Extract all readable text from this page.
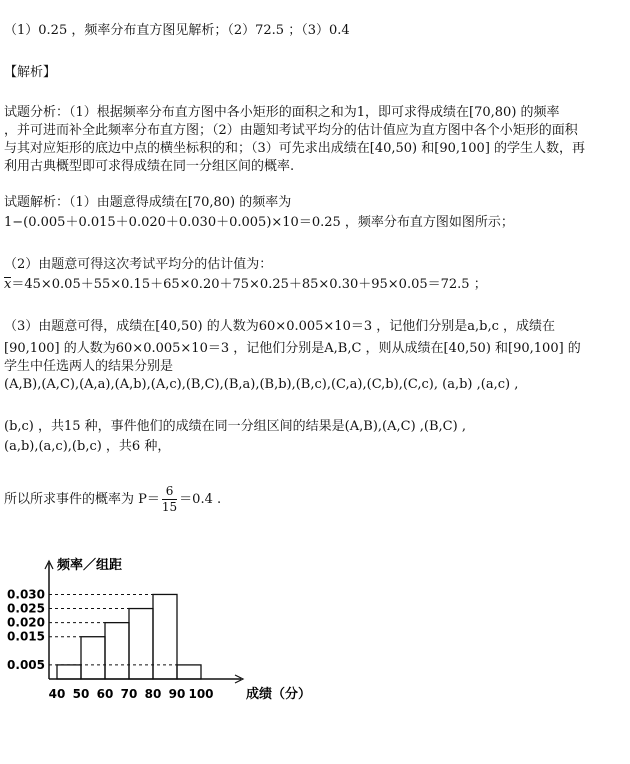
（1）0.25 ，频率分布直方图见解析；（2）72.5 ；（3）0.4
【解析】
试题分析：（1）根据频率分布直方图中各小矩形的面积之和为1，即可求得成绩在[70,80) 的频率
，并可进而补全此频率分布直方图；（2）由题知考试平均分的估计值应为直方图中各个小矩形的面积
与其对应矩形的底边中点的横坐标积的和；（3）可先求出成绩在[40,50) 和[90,100] 的学生人数，再
利用古典概型即可求得成绩在同一分组区间的概率.
试题解析：（1）由题意得成绩在[70,80) 的频率为
1−(0.005＋0.015＋0.020＋0.030＋0.005)×10＝0.25 ，频率分布直方图如图所示；
（2）由题意可得这次考试平均分的估计值为：
x＝45×0.05＋55×0.15＋65×0.20＋75×0.25＋85×0.30＋95×0.05＝72.5 ；
（3）由题意可得，成绩在[40,50) 的人数为60×0.005×10＝3 ，记他们分别是a,b,c ，成绩在
[90,100] 的人数为60×0.005×10＝3 ，记他们分别是A,B,C ，则从成绩在[40,50) 和[90,100] 的
学生中任选两人的结果分别是
(A,B),(A,C),(A,a),(A,b),(A,c),(B,C),(B,a),(B,b),(B,c),(C,a),(C,b),(C,c), (a,b) ,(a,c) ,
(b,c) ，共15 种，事件他们的成绩在同一分组区间的结果是(A,B),(A,C) ,(B,C) ,
(a,b),(a,c),(b,c) ，共6 种，
所以所求事件的概率为 $P= \frac{6}{15} =0.4$ .
0.030
0.025
0.020
0.015
0.005
40 50 60 70 80 90 100
频率／组距
成绩（分）
